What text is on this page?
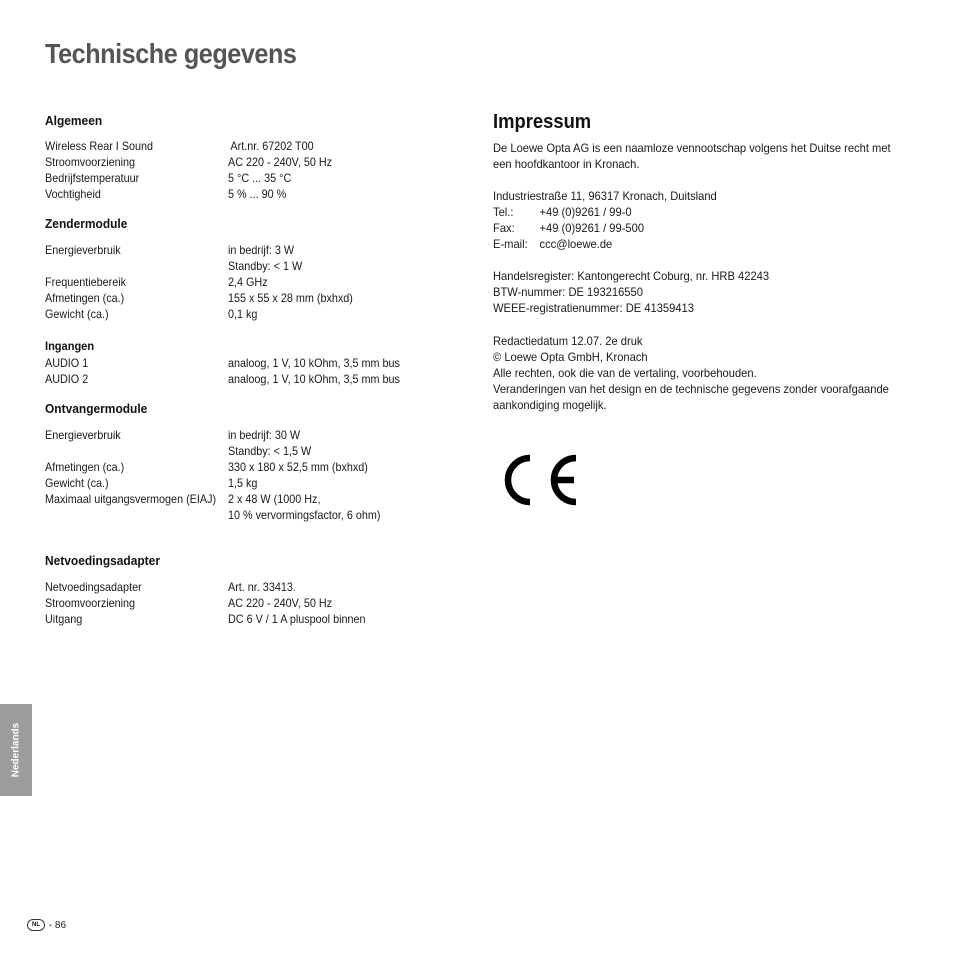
Technische gegevens
Algemeen
Wireless Rear I Sound	Art.nr. 67202 T00
Stroomvoorziening	AC 220 - 240V, 50 Hz
Bedrijfstemperatuur	5 °C ... 35 °C
Vochtigheid	5 % ... 90 %
Zendermodule
Energieverbruik	in bedrijf: 3 W
Standby: < 1 W
Frequentiebereik	2,4 GHz
Afmetingen (ca.)	155 x 55 x 28 mm (bxhxd)
Gewicht (ca.)	0,1 kg
Ingangen
AUDIO 1	analoog, 1 V, 10 kOhm, 3,5 mm bus
AUDIO 2	analoog, 1 V, 10 kOhm, 3,5 mm bus
Ontvangermodule
Energieverbruik	in bedrijf: 30 W
Standby: < 1,5 W
Afmetingen (ca.)	330 x 180 x 52,5 mm (bxhxd)
Gewicht (ca.)	1,5 kg
Maximaal uitgangsvermogen (EIAJ) 2 x 48 W (1000 Hz,
10 % vervormingsfactor, 6 ohm)
Netvoedingsadapter
Netvoedingsadapter	Art. nr. 33413.
Stroomvoorziening	AC 220 - 240V, 50 Hz
Uitgang	DC 6 V / 1 A pluspool binnen
Impressum
De Loewe Opta AG is een naamloze vennootschap volgens het Duitse recht met
een hoofdkantoor in Kronach.
Industriestraße 11, 96317 Kronach, Duitsland
Tel.: +49 (0)9261 / 99-0
Fax: +49 (0)9261 / 99-500
E-mail: ccc@loewe.de
Handelsregister: Kantongerecht Coburg, nr. HRB 42243
BTW-nummer: DE 193216550
WEEE-registratienummer: DE 41359413
Redactiedatum 12.07. 2e druk
© Loewe Opta GmbH, Kronach
Alle rechten, ook die van de vertaling, voorbehouden.
Veranderingen van het design en de technische gegevens zonder voorafgaande
aankondiging mogelijk.
Nederlands
NL - 86
